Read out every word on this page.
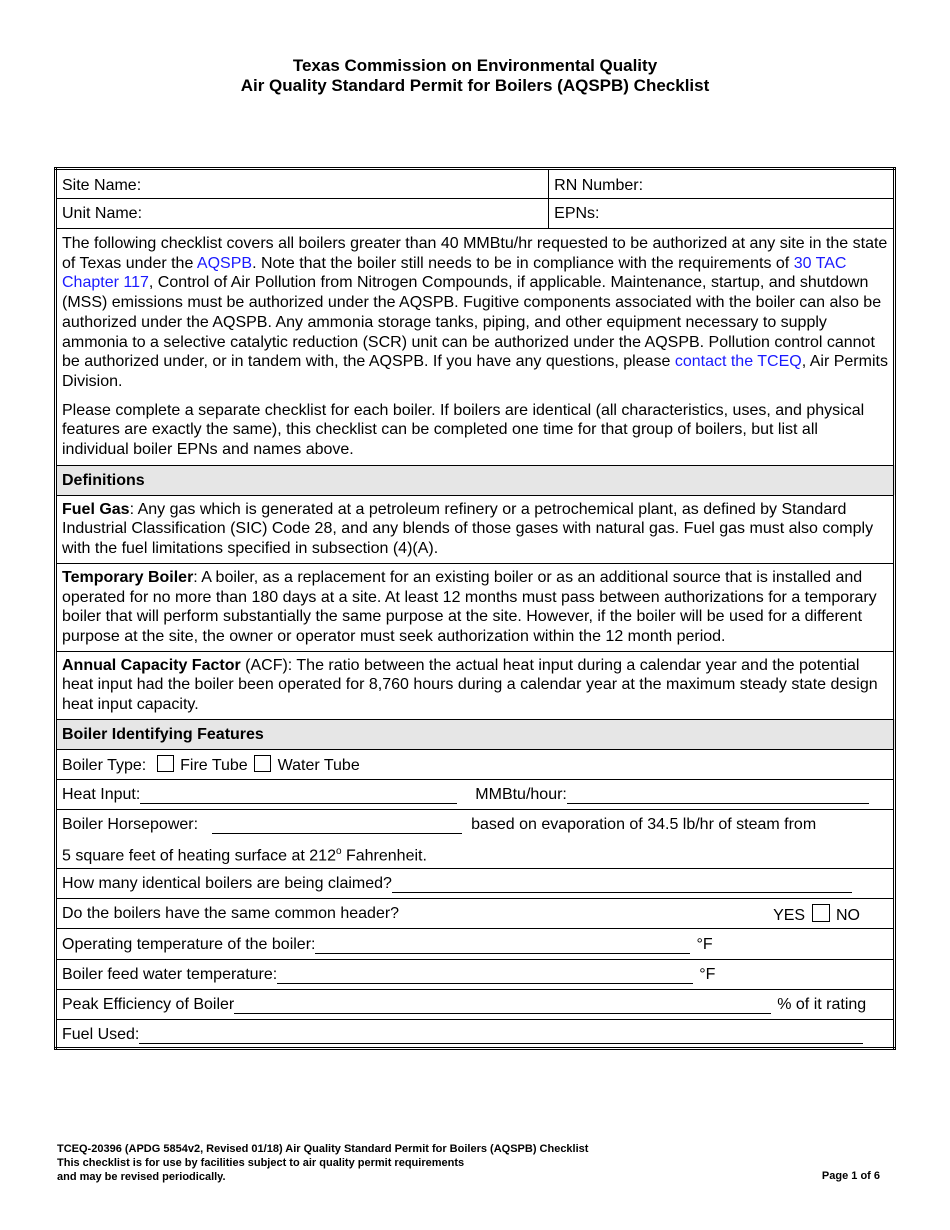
Texas Commission on Environmental Quality
Air Quality Standard Permit for Boilers (AQSPB) Checklist
Site Name:	RN Number:
Unit Name:	EPNs:

The following checklist covers all boilers greater than 40 MMBtu/hr requested to be authorized at any site in the state of Texas under the AQSPB. Note that the boiler still needs to be in compliance with the requirements of 30 TAC Chapter 117, Control of Air Pollution from Nitrogen Compounds, if applicable. Maintenance, startup, and shutdown (MSS) emissions must be authorized under the AQSPB. Fugitive components associated with the boiler can also be authorized under the AQSPB. Any ammonia storage tanks, piping, and other equipment necessary to supply ammonia to a selective catalytic reduction (SCR) unit can be authorized under the AQSPB. Pollution control cannot be authorized under, or in tandem with, the AQSPB. If you have any questions, please contact the TCEQ, Air Permits Division.

Please complete a separate checklist for each boiler. If boilers are identical (all characteristics, uses, and physical features are exactly the same), this checklist can be completed one time for that group of boilers, but list all individual boiler EPNs and names above.	

Definitions	
Fuel Gas: Any gas which is generated at a petroleum refinery or a petrochemical plant, as defined by Standard Industrial Classification (SIC) Code 28, and any blends of those gases with natural gas. Fuel gas must also comply with the fuel limitations specified in subsection (4)(A).	
Temporary Boiler: A boiler, as a replacement for an existing boiler or as an additional source that is installed and operated for no more than 180 days at a site. At least 12 months must pass between authorizations for a temporary boiler that will perform substantially the same purpose at the site. However, if the boiler will be used for a different purpose at the site, the owner or operator must seek authorization within the 12 month period.	
Annual Capacity Factor (ACF): The ratio between the actual heat input during a calendar year and the potential heat input had the boiler been operated for 8,760 hours during a calendar year at the maximum steady state design heat input capacity.	
Boiler Identifying Features	
Boiler Type: Fire Tube Water Tube	

Heat Input: MMBtu/hour:	

Boiler Horsepower: based on evaporation of 34.5 lb/hr of steam from	

5 square feet of heating surface at 212$^o$ Fahrenheit.	

How many identical boilers are being claimed?	

Do the boilers have the same common header? YES NO	

Operating temperature of the boiler: °F	

Boiler feed water temperature: °F	

Peak Efficiency of Boiler % of it rating	

Fuel Used:	
TCEQ-20396 (APDG 5854v2, Revised 01/18) Air Quality Standard Permit for Boilers (AQSPB) Checklist
This checklist is for use by facilities subject to air quality permit requirements
and may be revised periodically.	Page 1 of 6
